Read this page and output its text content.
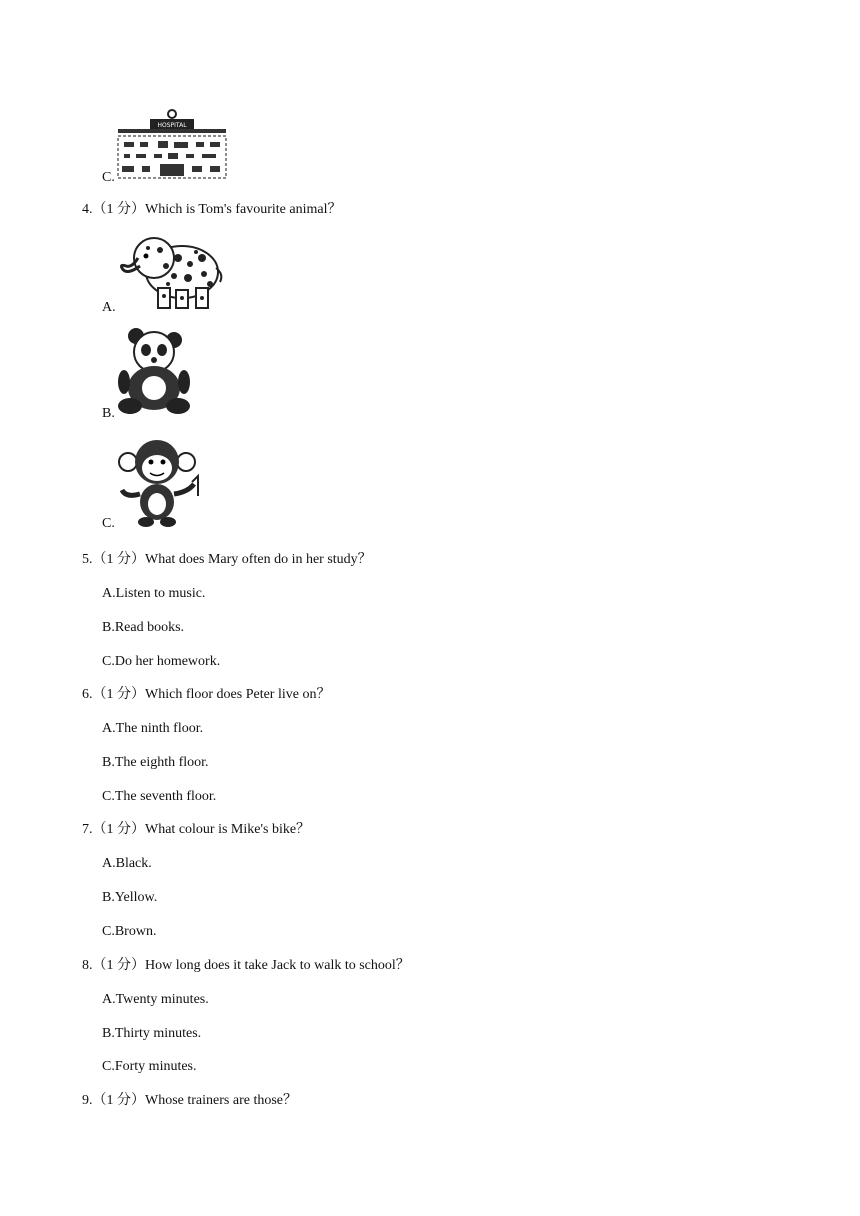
HOSPITAL
C.
4.（1 分）Which is Tom's favourite animal？
A.
B.
C.
5.（1 分）What does Mary often do in her study？
A.Listen to music.
B.Read books.
C.Do her homework.
6.（1 分）Which floor does Peter live on？
A.The ninth floor.
B.The eighth floor.
C.The seventh floor.
7.（1 分）What colour is Mike's bike？
A.Black.
B.Yellow.
C.Brown.
8.（1 分）How long does it take Jack to walk to school？
A.Twenty minutes.
B.Thirty minutes.
C.Forty minutes.
9.（1 分）Whose trainers are those？
